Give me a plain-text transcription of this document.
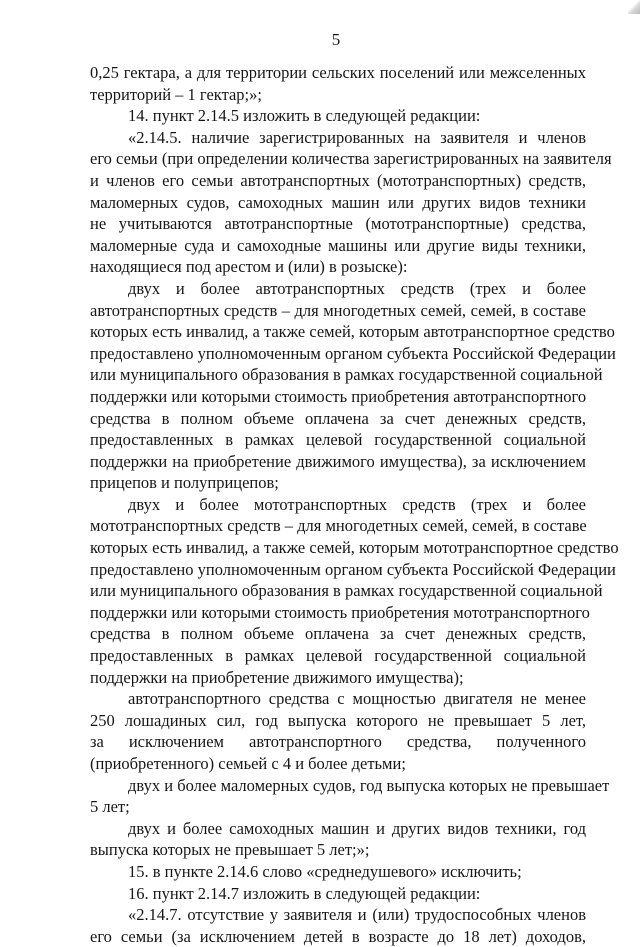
5
0,25 гектара, а для территории сельских поселений или межселенных
территорий – 1 гектар;»;
14. пункт 2.14.5 изложить в следующей редакции:
«2.14.5. наличие зарегистрированных на заявителя и членов
его семьи (при определении количества зарегистрированных на заявителя
и членов его семьи автотранспортных (мототранспортных) средств,
маломерных судов, самоходных машин или других видов техники
не учитываются автотранспортные (мототранспортные) средства,
маломерные суда и самоходные машины или другие виды техники,
находящиеся под арестом и (или) в розыске):
двух и более автотранспортных средств (трех и более
автотранспортных средств – для многодетных семей, семей, в составе
которых есть инвалид, а также семей, которым автотранспортное средство
предоставлено уполномоченным органом субъекта Российской Федерации
или муниципального образования в рамках государственной социальной
поддержки или которыми стоимость приобретения автотранспортного
средства в полном объеме оплачена за счет денежных средств,
предоставленных в рамках целевой государственной социальной
поддержки на приобретение движимого имущества), за исключением
прицепов и полуприцепов;
двух и более мототранспортных средств (трех и более
мототранспортных средств – для многодетных семей, семей, в составе
которых есть инвалид, а также семей, которым мототранспортное средство
предоставлено уполномоченным органом субъекта Российской Федерации
или муниципального образования в рамках государственной социальной
поддержки или которыми стоимость приобретения мототранспортного
средства в полном объеме оплачена за счет денежных средств,
предоставленных в рамках целевой государственной социальной
поддержки на приобретение движимого имущества);
автотранспортного средства с мощностью двигателя не менее
250 лошадиных сил, год выпуска которого не превышает 5 лет,
за исключением автотранспортного средства, полученного
(приобретенного) семьей с 4 и более детьми;
двух и более маломерных судов, год выпуска которых не превышает
5 лет;
двух и более самоходных машин и других видов техники, год
выпуска которых не превышает 5 лет;»;
15. в пункте 2.14.6 слово «среднедушевого» исключить;
16. пункт 2.14.7 изложить в следующей редакции:
«2.14.7. отсутствие у заявителя и (или) трудоспособных членов
его семьи (за исключением детей в возрасте до 18 лет) доходов,
